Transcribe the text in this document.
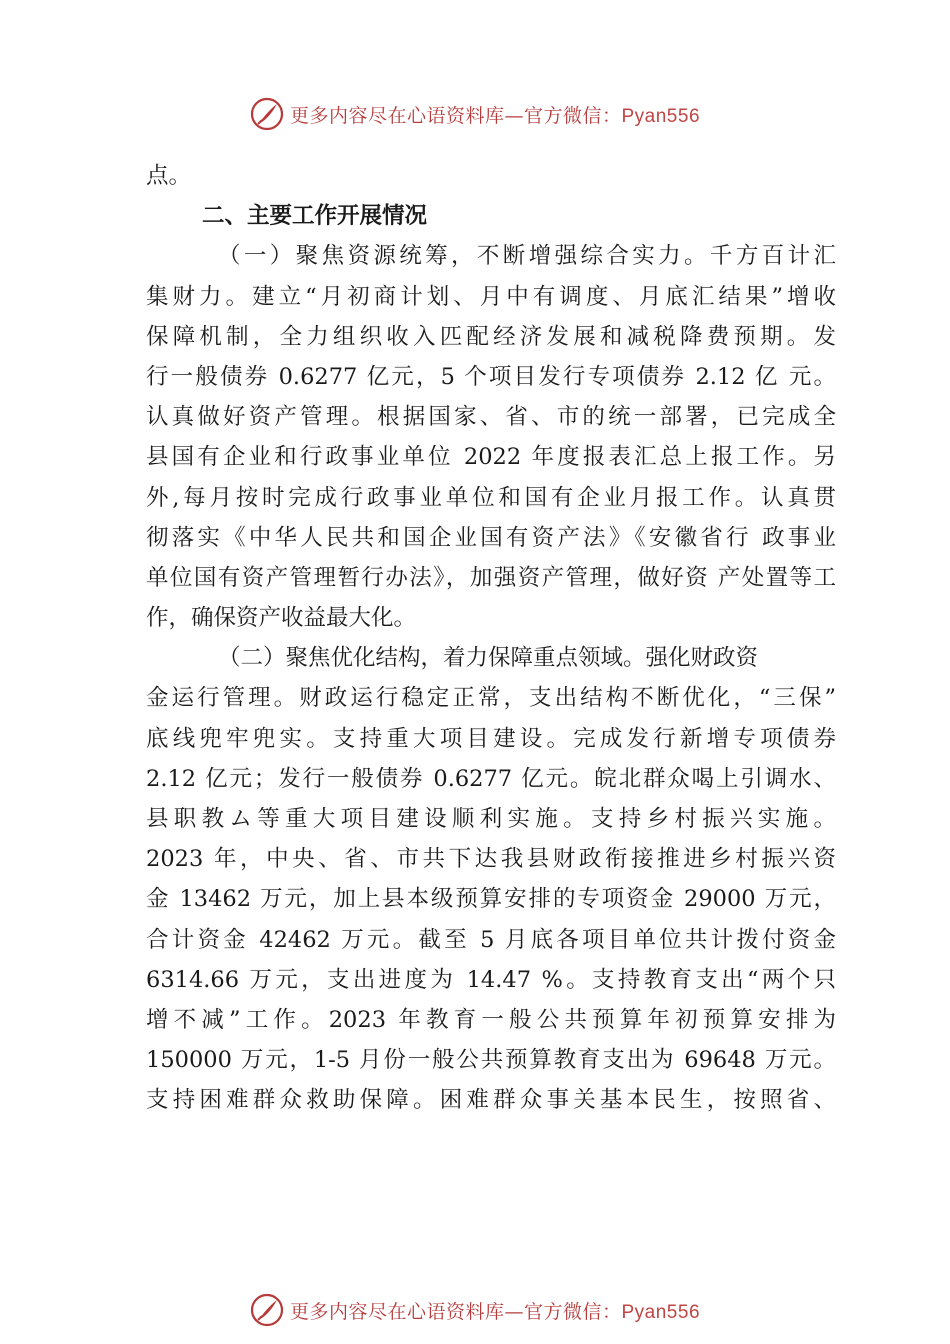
更多内容尽在心语资料库—官方微信：Pyan556
点。
二、主要工作开展情况
（一）聚焦资源统筹，不断增强综合实力。千方百计汇
集财力。建立“月初商计划、月中有调度、月底汇结果”增收
保障机制，全力组织收入匹配经济发展和减税降费预期。发
行一般债券 0.6277 亿元，5 个项目发行专项债券 2.12 亿 元。
认真做好资产管理。根据国家、省、市的统一部署，已完成全
县国有企业和行政事业单位 2022 年度报表汇总上报工作。另
外,每月按时完成行政事业单位和国有企业月报工作。认真贯
彻落实《中华人民共和国企业国有资产法》《安徽省行 政事业
单位国有资产管理暂行办法》，加强资产管理，做好资 产处置等工
作，确保资产收益最大化。
（二）聚焦优化结构，着力保障重点领域。强化财政资
金运行管理。财政运行稳定正常，支出结构不断优化，“三保”
底线兜牢兜实。支持重大项目建设。完成发行新增专项债券
2.12 亿元；发行一般债券 0.6277 亿元。皖北群众喝上引调水、
县职教ム等重大项目建设顺利实施。支持乡村振兴实施。
2023 年，中央、省、市共下达我县财政衔接推进乡村振兴资
金 13462 万元，加上县本级预算安排的专项资金 29000 万元，
合计资金 42462 万元。截至 5 月底各项目单位共计拨付资金
6314.66 万元，支出进度为 14.47 %。支持教育支出“两个只
增不减”工作。2023 年教育一般公共预算年初预算安排为
150000 万元，1-5 月份一般公共预算教育支出为 69648 万元。
支持困难群众救助保障。困难群众事关基本民生，按照省、
更多内容尽在心语资料库—官方微信：Pyan556
